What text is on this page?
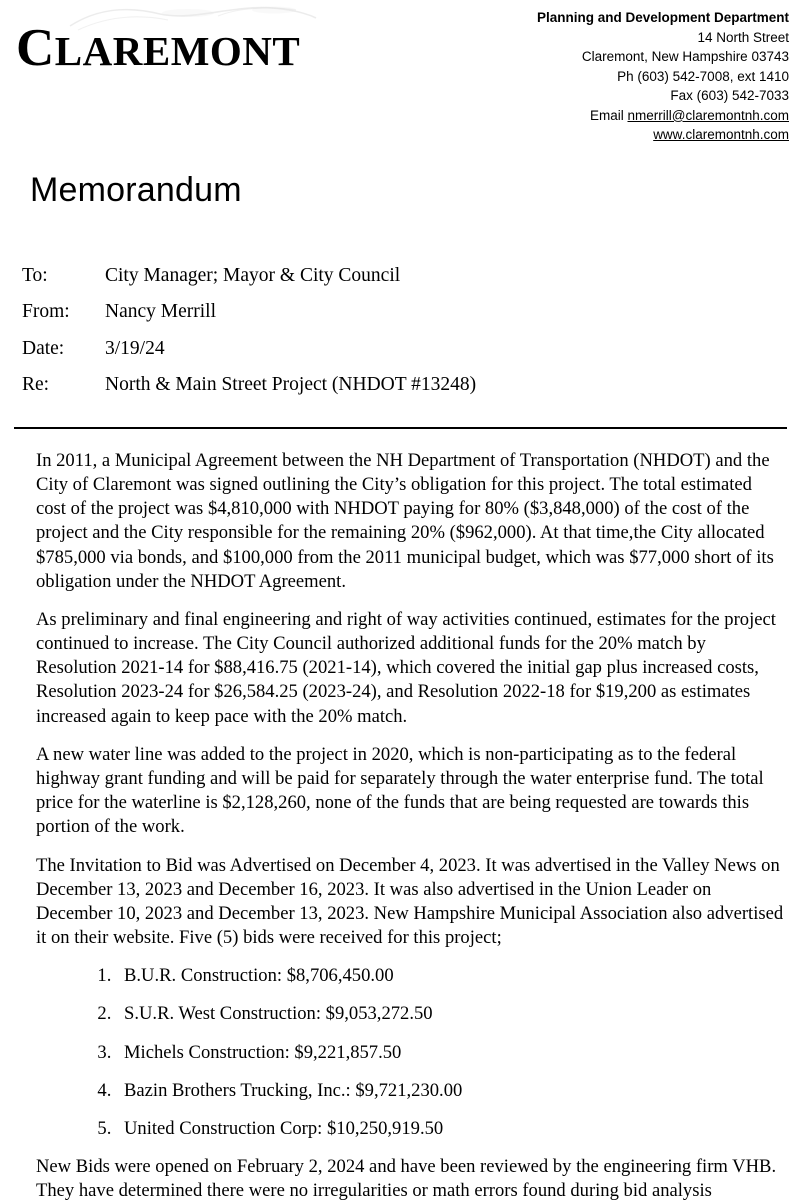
CLAREMONT
Planning and Development Department
14 North Street
Claremont, New Hampshire 03743
Ph (603) 542-7008, ext 1410
Fax (603) 542-7033
Email nmerrill@claremontnh.com
www.claremontnh.com
Memorandum
To:	City Manager; Mayor & City Council
From:	Nancy Merrill
Date:	3/19/24
Re:	North & Main Street Project (NHDOT #13248)

In 2011, a Municipal Agreement between the NH Department of Transportation (NHDOT) and the City of Claremont was signed outlining the City’s obligation for this project. The total estimated cost of the project was $4,810,000 with NHDOT paying for 80% ($3,848,000) of the cost of the project and the City responsible for the remaining 20% ($962,000). At that time,the City allocated $785,000 via bonds, and $100,000 from the 2011 municipal budget, which was $77,000 short of its obligation under the NHDOT Agreement.

As preliminary and final engineering and right of way activities continued, estimates for the project continued to increase. The City Council authorized additional funds for the 20% match by Resolution 2021-14 for $88,416.75 (2021-14), which covered the initial gap plus increased costs, Resolution 2023-24 for $26,584.25 (2023-24), and Resolution 2022-18 for $19,200 as estimates increased again to keep pace with the 20% match.

A new water line was added to the project in 2020, which is non-participating as to the federal highway grant funding and will be paid for separately through the water enterprise fund. The total price for the waterline is $2,128,260, none of the funds that are being requested are towards this portion of the work.

The Invitation to Bid was Advertised on December 4, 2023. It was advertised in the Valley News on December 13, 2023 and December 16, 2023. It was also advertised in the Union Leader on December 10, 2023 and December 13, 2023. New Hampshire Municipal Association also advertised it on their website. Five (5) bids were received for this project;

1. B.U.R. Construction: $8,706,450.00
2. S.U.R. West Construction: $9,053,272.50
3. Michels Construction: $9,221,857.50
4. Bazin Brothers Trucking, Inc.: $9,721,230.00
5. United Construction Corp: $10,250,919.50

New Bids were opened on February 2, 2024 and have been reviewed by the engineering firm VHB. They have determined there were no irregularities or math errors found during bid analysis
